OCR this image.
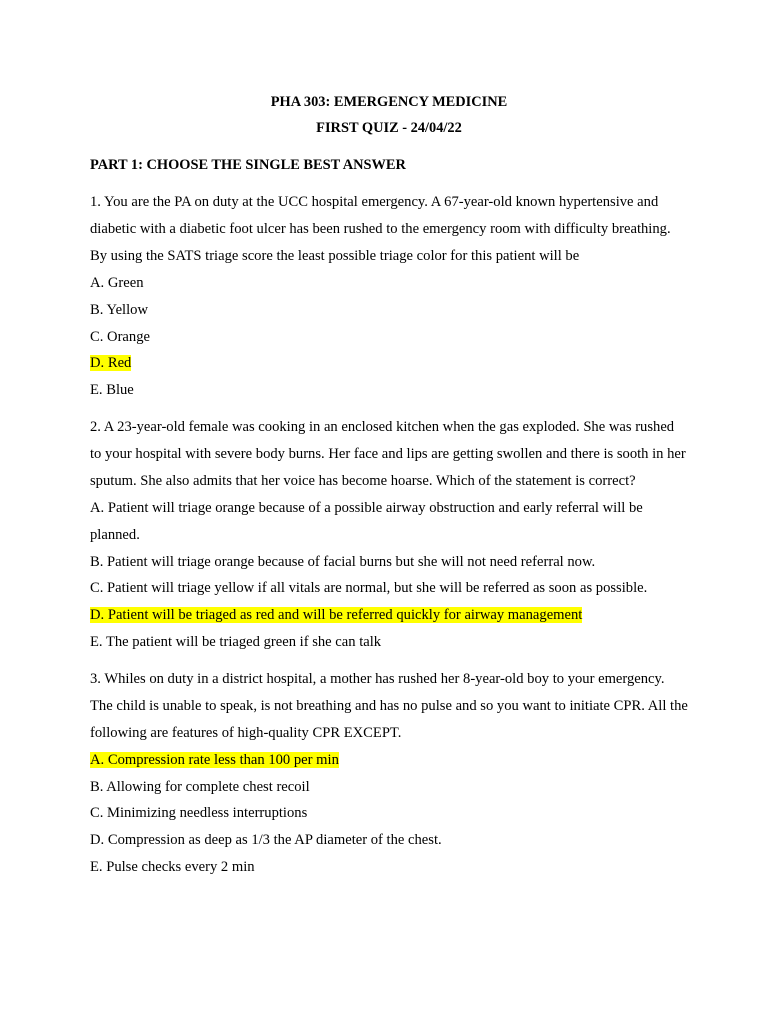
PHA 303: EMERGENCY MEDICINE

FIRST QUIZ - 24/04/22

PART 1: CHOOSE THE SINGLE BEST ANSWER

1. You are the PA on duty at the UCC hospital emergency. A 67-year-old known hypertensive and diabetic with a diabetic foot ulcer has been rushed to the emergency room with difficulty breathing. By using the SATS triage score the least possible triage color for this patient will be

A. Green
B. Yellow
C. Orange
D. Red
E. Blue

2. A 23-year-old female was cooking in an enclosed kitchen when the gas exploded. She was rushed to your hospital with severe body burns. Her face and lips are getting swollen and there is sooth in her sputum. She also admits that her voice has become hoarse. Which of the statement is correct?

A. Patient will triage orange because of a possible airway obstruction and early referral will be planned.
B. Patient will triage orange because of facial burns but she will not need referral now.
C. Patient will triage yellow if all vitals are normal, but she will be referred as soon as possible.
D. Patient will be triaged as red and will be referred quickly for airway management
E. The patient will be triaged green if she can talk

3. Whiles on duty in a district hospital, a mother has rushed her 8-year-old boy to your emergency. The child is unable to speak, is not breathing and has no pulse and so you want to initiate CPR. All the following are features of high-quality CPR EXCEPT.

A. Compression rate less than 100 per min
B. Allowing for complete chest recoil
C. Minimizing needless interruptions
D. Compression as deep as 1/3 the AP diameter of the chest.
E. Pulse checks every 2 min
